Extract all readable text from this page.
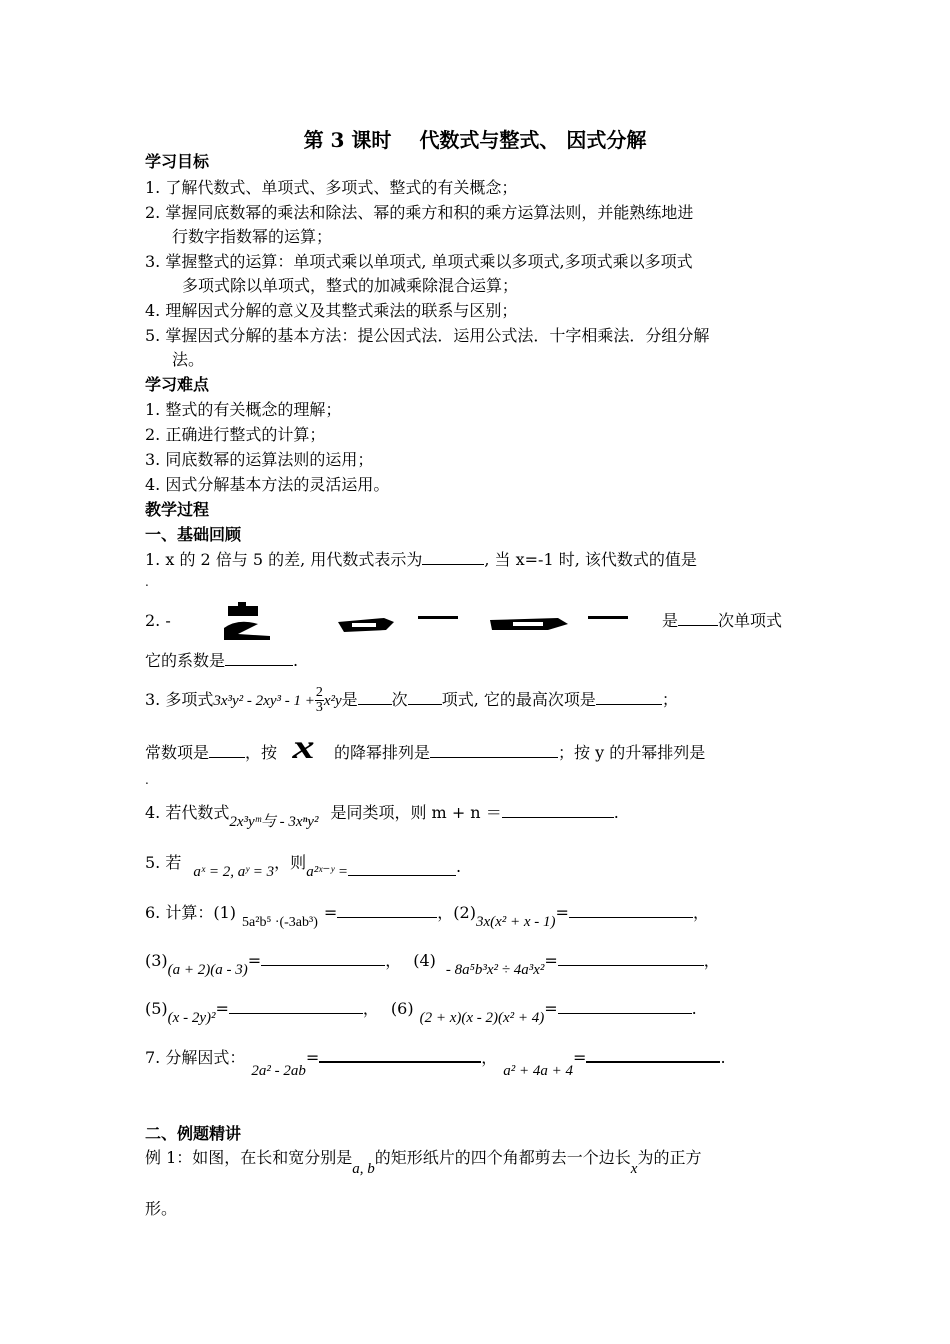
第 3 课时 代数式与整式、 因式分解
学习目标
1. 了解代数式、单项式、多项式、整式的有关概念；
2. 掌握同底数幂的乘法和除法、幂的乘方和积的乘方运算法则，并能熟练地进
行数字指数幂的运算；
3. 掌握整式的运算：单项式乘以单项式, 单项式乘以多项式,多项式乘以多项式
多项式除以单项式，整式的加减乘除混合运算；
4. 理解因式分解的意义及其整式乘法的联系与区别；
5. 掌握因式分解的基本方法：提公因式法．运用公式法．十字相乘法．分组分解
法。
学习难点
1. 整式的有关概念的理解；
2. 正确进行整式的计算；
3. 同底数幂的运算法则的运用；
4. 因式分解基本方法的灵活运用。
教学过程
一、基础回顾
1. x 的 2 倍与 5 的差, 用代数式表示为	, 当 x=-1 时, 该代数式的值是
.
2. -	是	次单项式
它的系数是	.
3. 多项式$3x^3y^2 - 2xy^3 - 1 + \frac{2}{3} x^2y$是 次 项式, 它的最高次项是	；
常数项是 ，按 x 的降幂排列是	；按 y 的升幂排列是
.
4. 若代数式2x³yᵐ与 - 3xⁿy² 是同类项，则 m + n ＝	.
5. 若 aˣ = 2, aʸ = 3，则a²ˣ⁻ʸ =	.
6. 计算：(1)5a²b⁵ ·(-3ab³)=	，(2)3x(x² + x - 1)=	，
(3)(a + 2)(a - 3)=	， (4) - 8a⁵b³x² ÷ 4a³x²=	，
(5)(x - 2y)²=	， (6) (2 + x)(x - 2)(x² + 4)=	.
7. 分解因式：2a² - 2ab=	，a² + 4a + 4=	.
二、例题精讲
例 1：如图，在长和宽分别是a, b的矩形纸片的四个角都剪去一个边长x为的正方
形。
